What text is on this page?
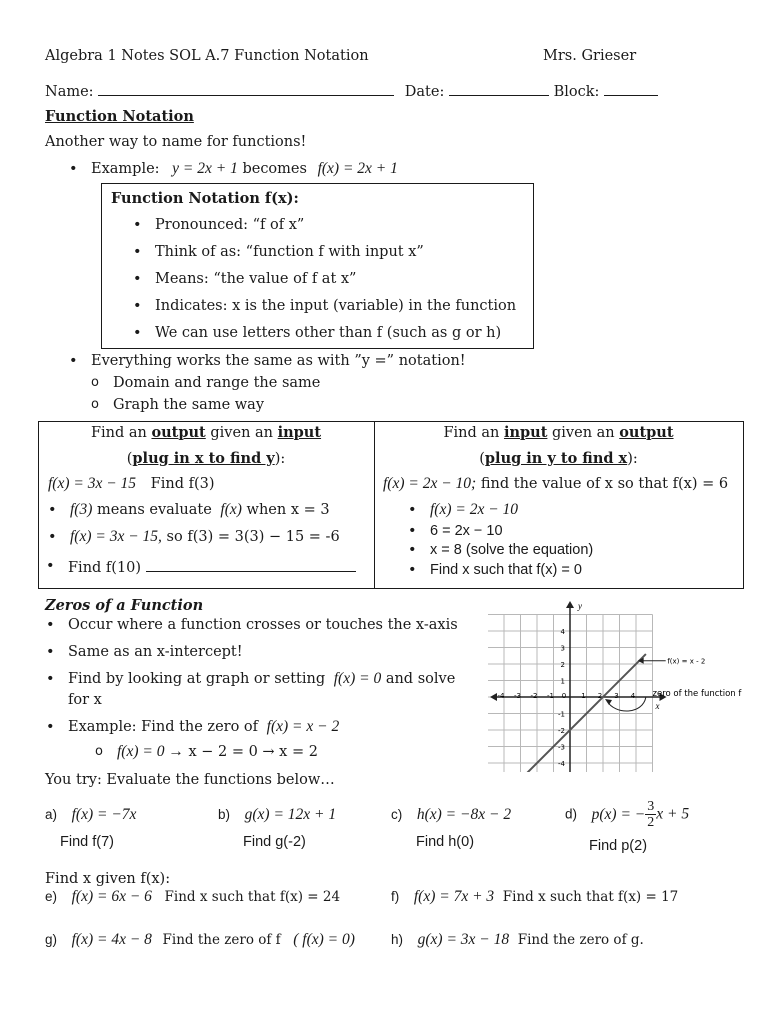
Algebra 1 Notes SOL A.7 Function Notation	Mrs. Grieser
Name:	Date:	Block:
Function Notation
Another way to name for functions!
• Example: y = 2x + 1 becomes f(x) = 2x + 1
Function Notation f(x):
• Pronounced: “f of x”
• Think of as: “function f with input x”
• Means: “the value of f at x”
• Indicates: x is the input (variable) in the function
• We can use letters other than f (such as g or h)
• Everything works the same as with ”y =” notation!
o Domain and range the same
o Graph the same way
Find an output given an input
(plug in x to find y):
f(x) = 3x − 15 Find f(3)
• f(3) means evaluate f(x) when x = 3
• f(x) = 3x − 15, so f(3) = 3(3) − 15 = -6
• Find f(10)
Find an input given an output
(plug in y to find x):
f(x) = 2x − 10; find the value of x so that f(x) = 6
• f(x) = 2x − 10
• 6 = 2x − 10
• x = 8 (solve the equation)
• Find x such that f(x) = 0
Zeros of a Function
• Occur where a function crosses or touches the x-axis
• Same as an x-intercept!
• Find by looking at graph or setting f(x) = 0 and solve
for x
• Example: Find the zero of f(x) = x − 2
o f(x) = 0 → x − 2 = 0 → x = 2
y
x
-4 -3 -2 -1 0 1 2 3 4
4
3
2
1
-1
-2
-3
-4
f(x) = x - 2
zero of the function f
You try: Evaluate the functions below…
a) f(x) = −7x
Find f(7)
b) g(x) = 12x + 1
Find g(-2)
c) h(x) = −8x − 2
Find h(0)
d) p(x) = − $\frac{3}{2}$ x + 5
Find p(2)
Find x given f(x):
e) f(x) = 6x − 6 Find x such that f(x) = 24	f) f(x) = 7x + 3 Find x such that f(x) = 17
g) f(x) = 4x − 8 Find the zero of f ( f(x) = 0)	h) g(x) = 3x − 18 Find the zero of g.
